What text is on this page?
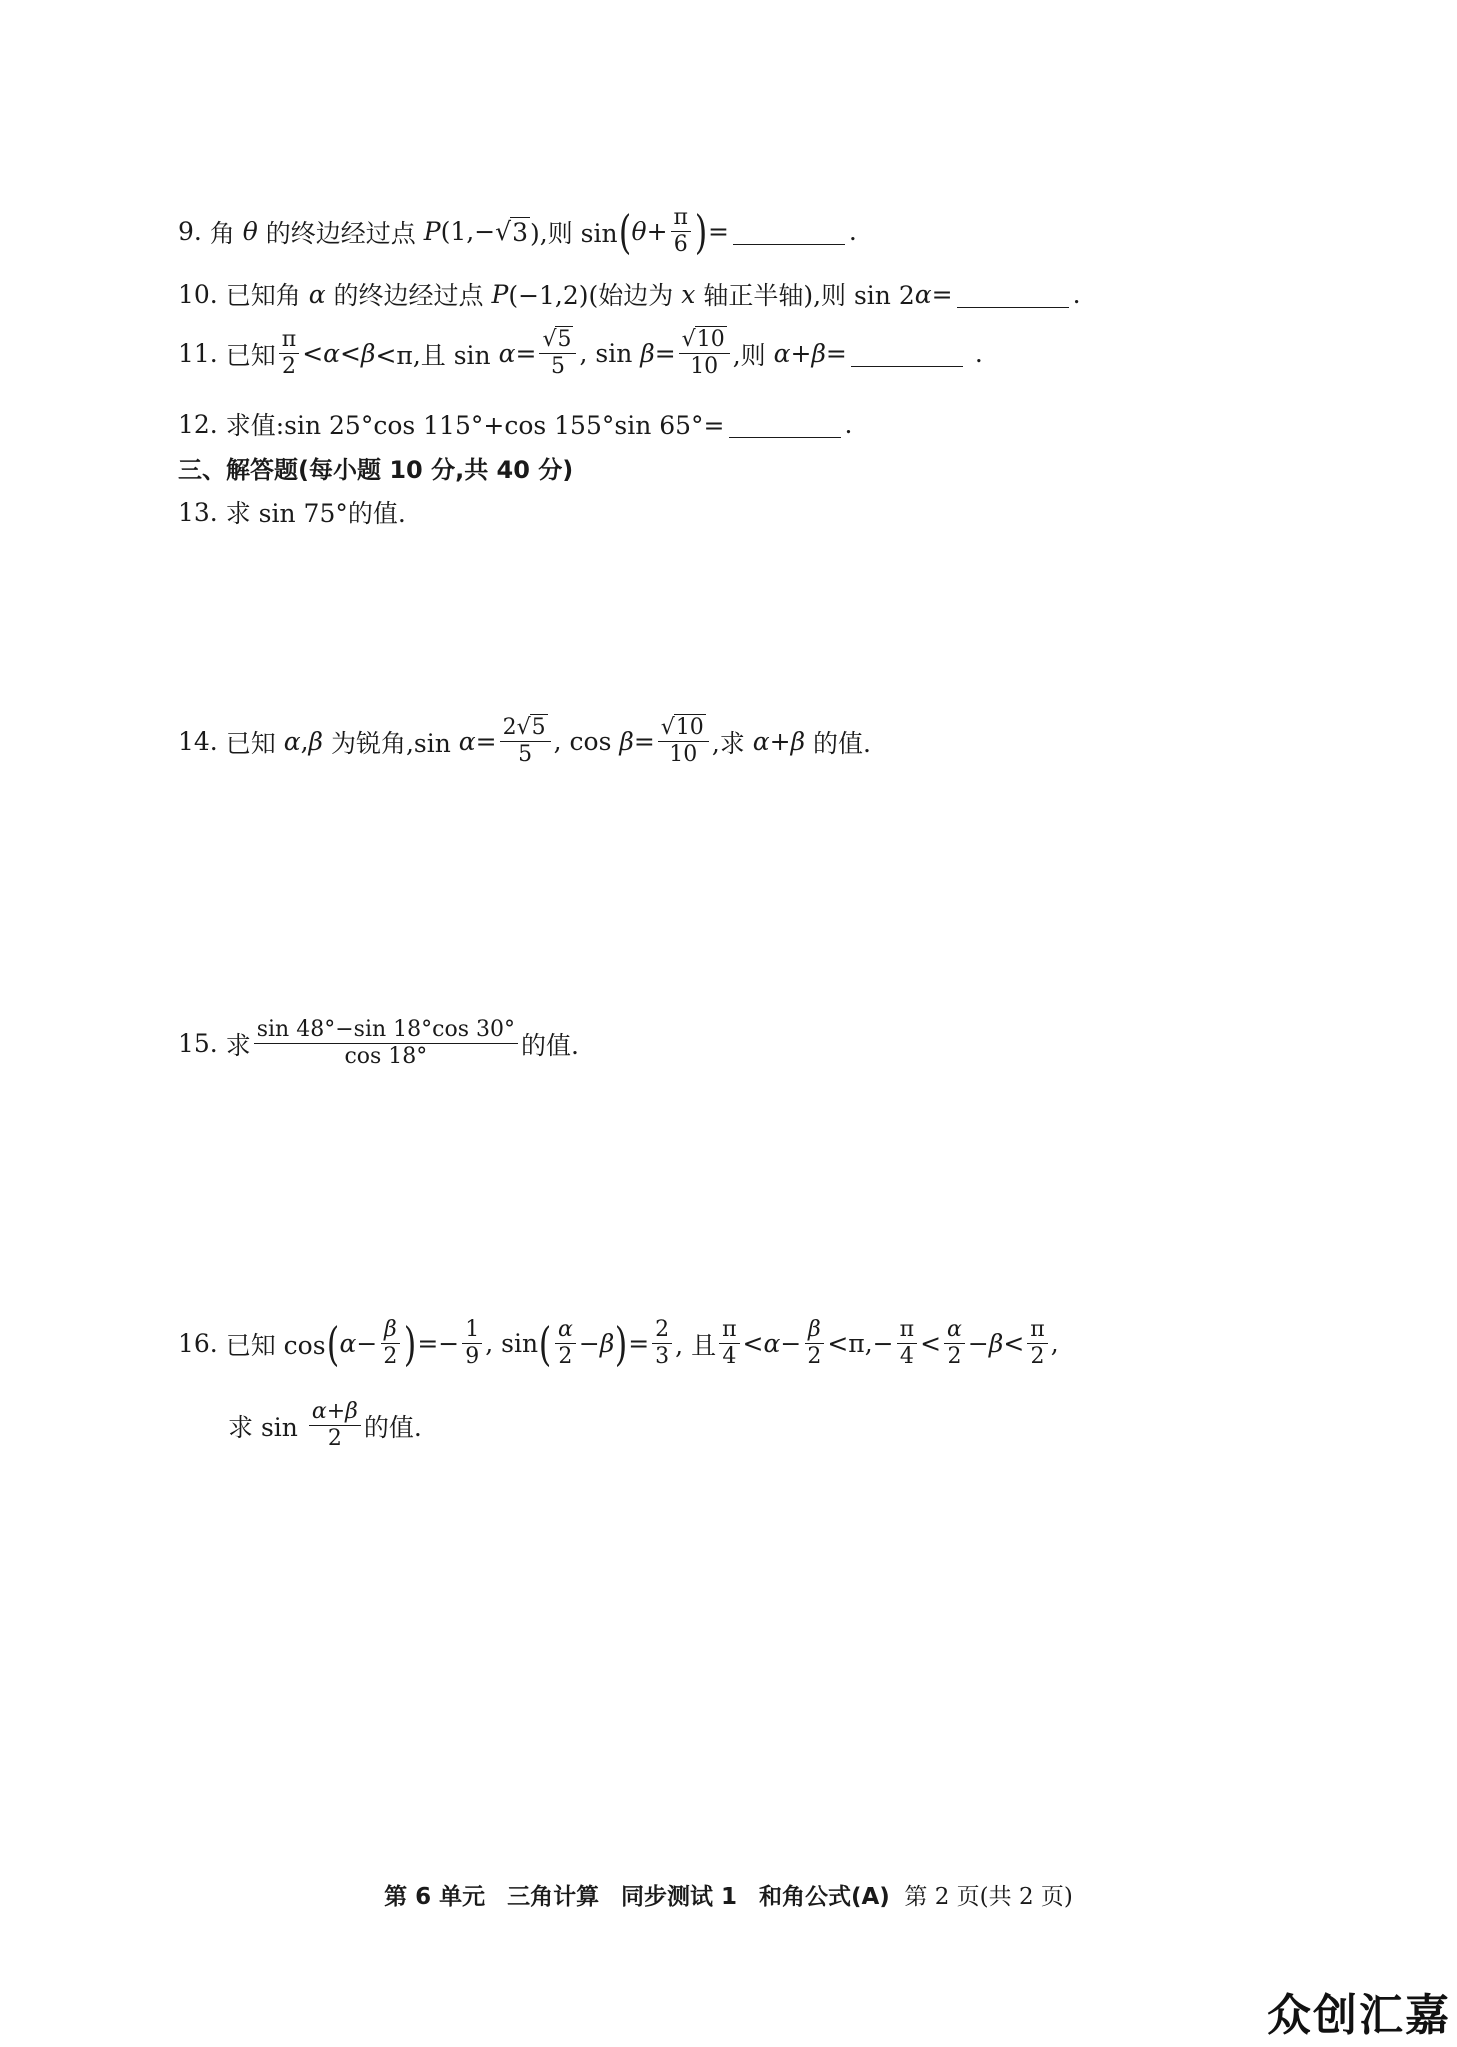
9.
角
θ
的终边经过点
P (1,− √ 3 ),则 sin ( $\theta + \frac{\pi}{6}$ ) =	.
10.
已知角
α
的终边经过点
P (−1,2)(始边为
x
轴正半轴),则 sin 2 α =	.
11.
已知 $\frac{\pi}{2} < \alpha < \beta <\pi$,且 sin
$\alpha = \frac{√5}{5}$ , sin
$\beta = \frac{√10}{10}$ ,则
α + β =
	.
12.
求值:sin 25°cos 115°+cos 155°sin 65°=	.
三、解答题(每小题 10 分,共 40 分)
13.
求 sin 75°的值.
14.
已知
α , β
为锐角,sin
$\alpha = \frac{2√5}{5}$ , cos
$\beta = \frac{√10}{10}$ ,求
α + β
的值.
15.
求 $\frac{\sin 48^\circ-\sin 18^\circ\cos 30^\circ}{\cos 18^\circ}$ 的值.
16.
已知 cos ( $\alpha - \frac{\beta}{2}$ ) =− $\frac{1}{9}$ , sin ( $\frac{\alpha}{2} - \beta$ ) = $\frac{2}{3}$ , 且 $\frac{\pi}{4} < \alpha - \frac{\beta}{2} <\pi,- \frac{\pi}{4} < \frac{\alpha}{2} - \beta < \frac{\pi}{2}$ ,
求 sin
$\frac{\alpha+\beta}{2}$ 的值.
第 6 单元
三角计算
同步测试 1
和角公式(A)
第 2 页(共 2 页)
众创汇嘉
